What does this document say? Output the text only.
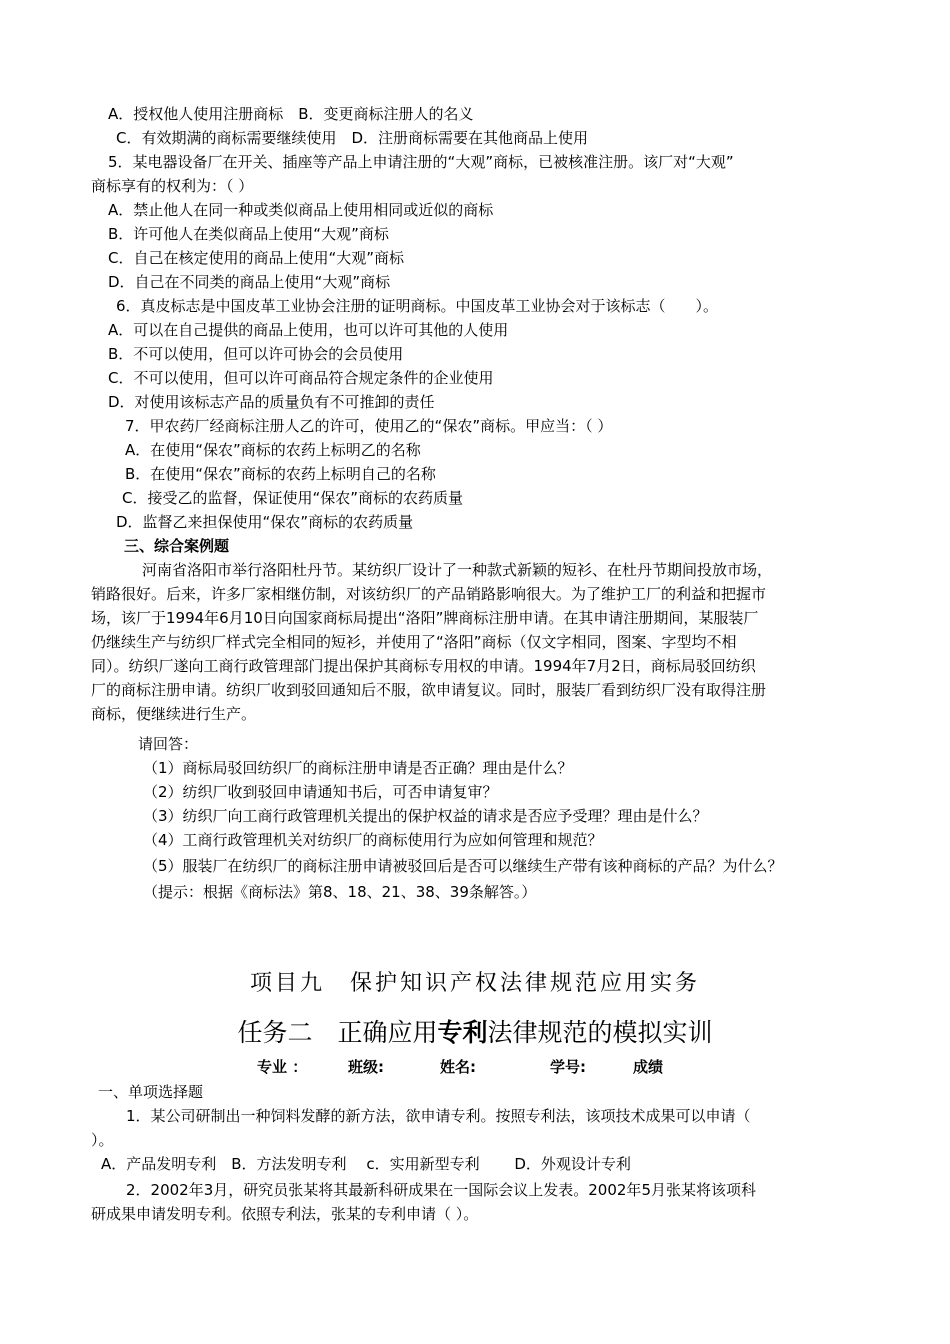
A．授权他人使用注册商标　B．变更商标注册人的名义
C．有效期满的商标需要继续使用　D．注册商标需要在其他商品上使用
5．某电器设备厂在开关、插座等产品上申请注册的“大观”商标，已被核准注册。该厂对“大观”
商标享有的权利为：（ ）
A．禁止他人在同一种或类似商品上使用相同或近似的商标
B．许可他人在类似商品上使用“大观”商标
C．自己在核定使用的商品上使用“大观”商标
D．自己在不同类的商品上使用“大观”商标
6．真皮标志是中国皮革工业协会注册的证明商标。中国皮革工业协会对于该标志（　　）。
A．可以在自己提供的商品上使用，也可以许可其他的人使用
B．不可以使用，但可以许可协会的会员使用
C．不可以使用，但可以许可商品符合规定条件的企业使用
D．对使用该标志产品的质量负有不可推卸的责任
7．甲农药厂经商标注册人乙的许可，使用乙的“保农”商标。甲应当：（ ）
A．在使用“保农”商标的农药上标明乙的名称
B．在使用“保农”商标的农药上标明自己的名称
C．接受乙的监督，保证使用“保农”商标的农药质量
D．监督乙来担保使用“保农”商标的农药质量
三、综合案例题
河南省洛阳市举行洛阳杜丹节。某纺织厂设计了一种款式新颖的短衫、在杜丹节期间投放市场，
销路很好。后来，许多厂家相继仿制，对该纺织厂的产品销路影响很大。为了维护工厂的利益和把握市
场，该厂于1994年6月10日向国家商标局提出“洛阳”牌商标注册申请。在其申请注册期间，某服装厂
仍继续生产与纺织厂样式完全相同的短衫，并使用了“洛阳”商标（仅文字相同，图案、字型均不相
同）。纺织厂遂向工商行政管理部门提出保护其商标专用权的申请。1994年7月2日，商标局驳回纺织
厂的商标注册申请。纺织厂收到驳回通知后不服，欲申请复议。同时，服装厂看到纺织厂没有取得注册
商标，便继续进行生产。
请回答：
（1）商标局驳回纺织厂的商标注册申请是否正确？理由是什么？
（2）纺织厂收到驳回申请通知书后，可否申请复审？
（3）纺织厂向工商行政管理机关提出的保护权益的请求是否应予受理？理由是什么？
（4）工商行政管理机关对纺织厂的商标使用行为应如何管理和规范？
（5）服装厂在纺织厂的商标注册申请被驳回后是否可以继续生产带有该种商标的产品？为什么？
（提示：根据《商标法》第8、18、21、38、39条解答。）
项目九　保护知识产权法律规范应用实务
任务二　正确应用专利法律规范的模拟实训
专业 ：	班级:	姓名:	学号:	成绩
一、单项选择题
1．某公司研制出一种饲料发酵的新方法，欲申请专利。按照专利法，该项技术成果可以申请（
）。
A．产品发明专利　B．方法发明专利　 c．实用新型专利　　 D．外观设计专利
2．2002年3月，研究员张某将其最新科研成果在一国际会议上发表。2002年5月张某将该项科
研成果申请发明专利。依照专利法，张某的专利申请（ ）。
